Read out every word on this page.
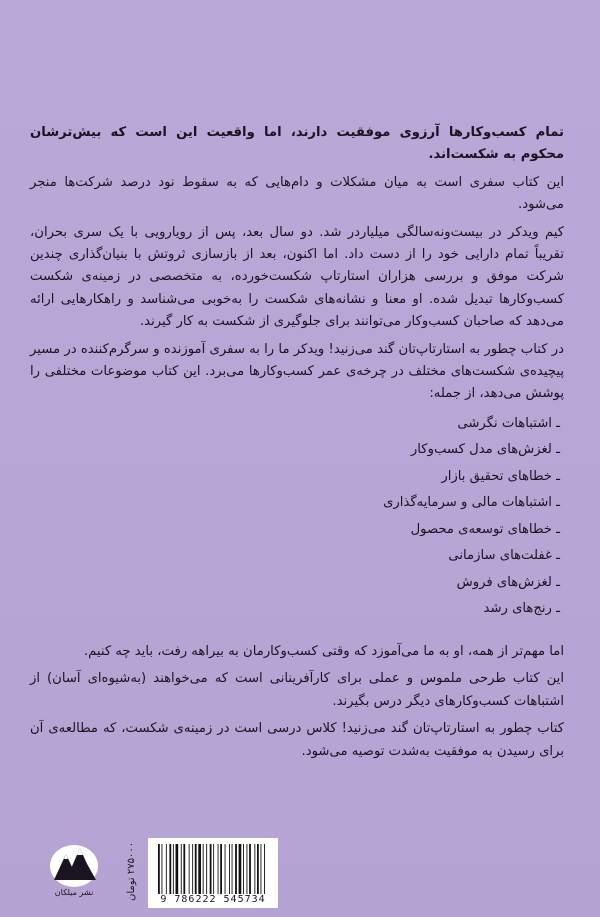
تمام کسب‌وکارها آرزوی موفقیت دارند، اما واقعیت این است که بیش‌ترشان محکوم به شکست‌اند.

این کتاب سفری است به میان مشکلات و دام‌هایی که به سقوط نود درصد شرکت‌ها منجر می‌شود.

کیم ویدکر در بیست‌ونه‌سالگی میلیاردر شد. دو سال بعد، پس از رویارویی با یک سری بحران، تقریباً تمام دارایی خود را از دست داد. اما اکنون، بعد از بازسازی ثروتش با بنیان‌گذاری چندین شرکت موفق و بررسی هزاران استارتاپ شکست‌خورده، به متخصصی در زمینه‌ی شکست کسب‌وکارها تبدیل شده. او معنا و نشانه‌های شکست را به‌خوبی می‌شناسد و راهکارهایی ارائه می‌دهد که صاحبان کسب‌وکار می‌توانند برای جلوگیری از شکست به کار گیرند.

در کتاب چطور به استارتاپ‌تان گند می‌زنید! ویدکر ما را به سفری آموزنده و سرگرم‌کننده در مسیر پیچیده‌ی شکست‌های مختلف در چرخه‌ی عمر کسب‌وکارها می‌برد. این کتاب موضوعات مختلفی را پوشش می‌دهد، از جمله:

ـ اشتباهات نگرشی
ـ لغزش‌های مدل کسب‌وکار
ـ خطاهای تحقیق بازار
ـ اشتباهات مالی و سرمایه‌گذاری
ـ خطاهای توسعه‌ی محصول
ـ غفلت‌های سازمانی
ـ لغزش‌های فروش
ـ رنج‌های رشد

اما مهم‌تر از همه، او به ما می‌آموزد که وقتی کسب‌وکارمان به بیراهه رفت، باید چه کنیم.

این کتاب طرحی ملموس و عملی برای کارآفرینانی است که می‌خواهند (به‌شیوه‌ای آسان) از اشتباهات کسب‌وکارهای دیگر درس بگیرند.

کتاب چطور به استارتاپ‌تان گند می‌زنید! کلاس درسی است در زمینه‌ی شکست، که مطالعه‌ی آن برای رسیدن به موفقیت به‌شدت توصیه می‌شود.

نشر میلکان	۲۷۵۰۰۰ تومان
9 786222 545734
